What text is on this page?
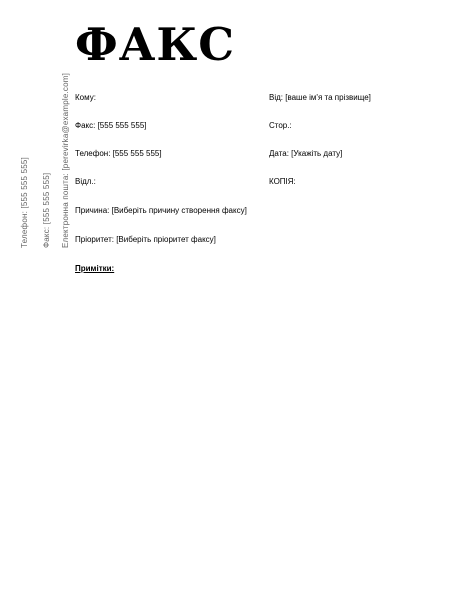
ФАКС
Кому:	Від: [ваше ім'я та прізвище]
Факс: [555 555 555]	Стор.:
Телефон: [555 555 555]	Дата: [Укажіть дату]
Відл.:	КОПІЯ:
Причина: [Виберіть причину створення факсу]
Пріоритет: [Виберіть пріоритет факсу]
Примітки:
Телефон: [555 555 555] Факс: [555 555 555] Електронна пошта: [perevirka@example.com]
